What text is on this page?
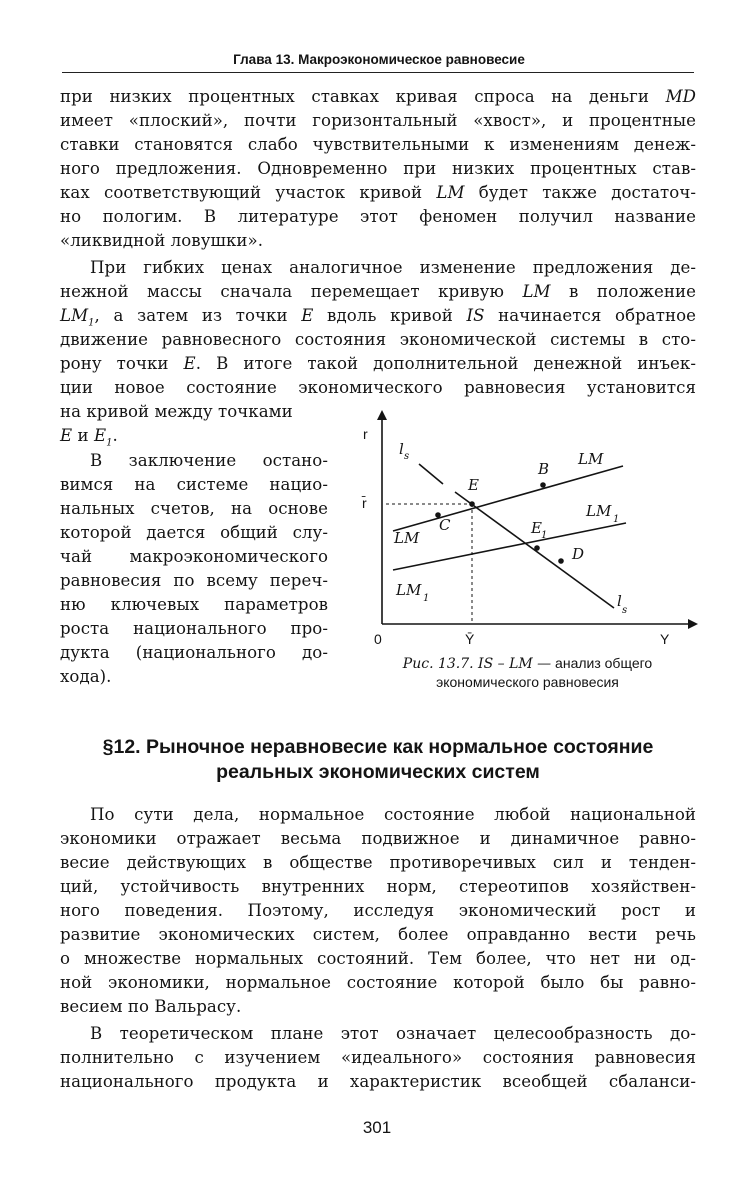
Глава 13. Макроэкономическое равновесие
при низких процентных ставках кривая спроса на деньги MD
имеет «плоский», почти горизонтальный «хвост», и процентные
ставки становятся слабо чувствительными к изменениям денеж-
ного предложения. Одновременно при низких процентных став-
ках соответствующий участок кривой LM будет также достаточ-
но пологим. В литературе этот феномен получил название
«ликвидной ловушки».
При гибких ценах аналогичное изменение предложения де-
нежной массы сначала перемещает кривую LM в положение
$LM_1$, а затем из точки E вдоль кривой IS начинается обратное
движение равновесного состояния экономической системы в сто-
рону точки E. В итоге такой дополнительной денежной инъек-
ции новое состояние экономического равновесия установится
на кривой между точками
E и $E_1$.
В заключение остано-
вимся на системе нацио-
нальных счетов, на основе
которой дается общий слу-
чай макроэкономического
равновесия по всему переч-
ню ключевых параметров
роста национального про-
дукта (национального до-
хода).
r
r̄
0	Y
Ȳ
l s
l
s
LM
LM
LM 1
LM 1
E
B
C	E 1
D
Рис. 13.7. IS – LM — анализ общего
экономического равновесия
§12. Рыночное неравновесие как нормальное состояние
реальных экономических систем
По сути дела, нормальное состояние любой национальной
экономики отражает весьма подвижное и динамичное равно-
весие действующих в обществе противоречивых сил и тенден-
ций, устойчивость внутренних норм, стереотипов хозяйствен-
ного поведения. Поэтому, исследуя экономический рост и
развитие экономических систем, более оправданно вести речь
о множестве нормальных состояний. Тем более, что нет ни од-
ной экономики, нормальное состояние которой было бы равно-
весием по Вальрасу.
В теоретическом плане этот означает целесообразность до-
полнительно с изучением «идеального» состояния равновесия
национального продукта и характеристик всеобщей сбаланси-
301
